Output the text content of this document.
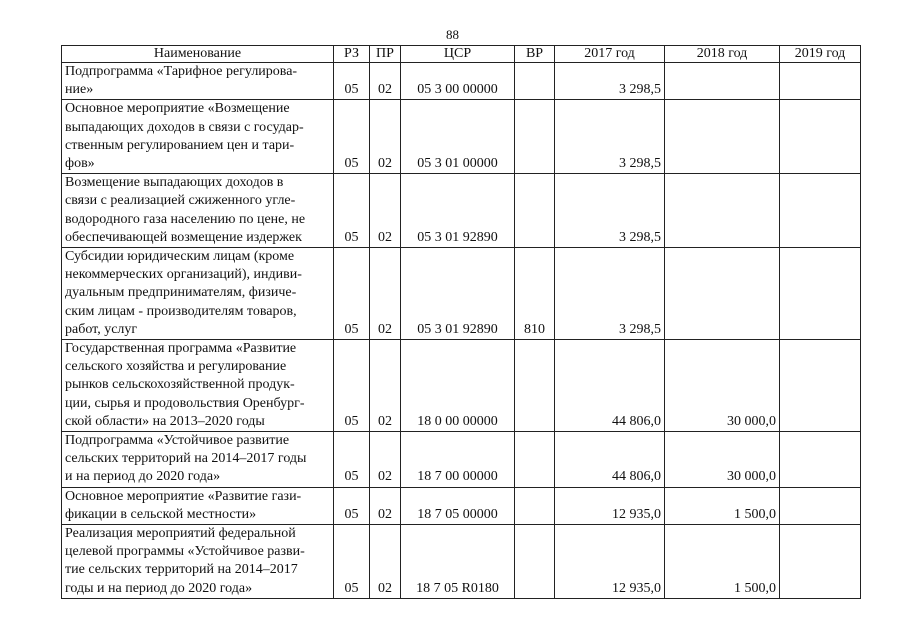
88
Наименование	РЗ	ПР	ЦСР	ВР	2017 год	2018 год	2019 год

Подпрограмма «Тарифное регулирова-
ние»	05	02	05 3 00 00000		3 298,5		

Основное мероприятие «Возмещение
выпадающих доходов в связи с государ-
ственным регулированием цен и тари-
фов»	05	02	05 3 01 00000		3 298,5		

Возмещение выпадающих доходов в
связи с реализацией сжиженного угле-
водородного газа населению по цене, не
обеспечивающей возмещение издержек	05	02	05 3 01 92890		3 298,5		

Субсидии юридическим лицам (кроме
некоммерческих организаций), индиви-
дуальным предпринимателям, физиче-
ским лицам - производителям товаров,
работ, услуг	05	02	05 3 01 92890	810	3 298,5		

Государственная программа «Развитие
сельского хозяйства и регулирование
рынков сельскохозяйственной продук-
ции, сырья и продовольствия Оренбург-
ской области» на 2013–2020 годы	05	02	18 0 00 00000		44 806,0	30 000,0	

Подпрограмма «Устойчивое развитие
сельских территорий на 2014–2017 годы
и на период до 2020 года»	05	02	18 7 00 00000		44 806,0	30 000,0	

Основное мероприятие «Развитие гази-
фикации в сельской местности»	05	02	18 7 05 00000		12 935,0	1 500,0	

Реализация мероприятий федеральной
целевой программы «Устойчивое разви-
тие сельских территорий на 2014–2017
годы и на период до 2020 года»	05	02	18 7 05 R0180		12 935,0	1 500,0	
